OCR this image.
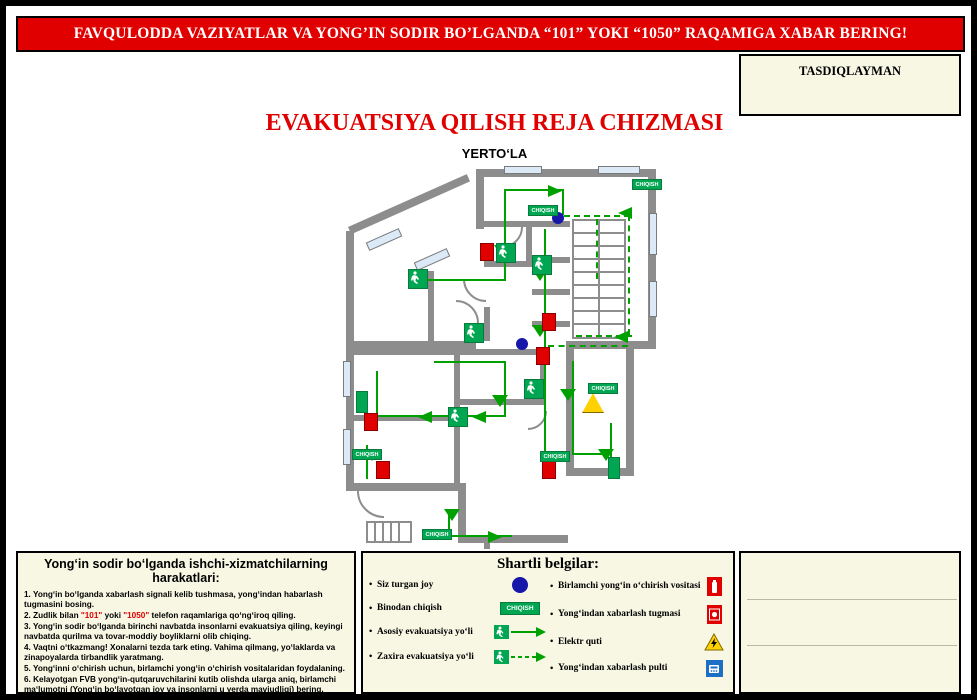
FAVQULODDA VAZIYATLAR VA YONG’IN SODIR BO’LGANDA “101” YOKI “1050” RAQAMIGA XABAR BERING!
TASDIQLAYMAN
EVAKUATSIYA QILISH REJA CHIZMASI
YERTO‘LA
CHIQISH
CHIQISH
CHIQISH
CHIQISH	CHIQISH
CHIQISH
Yong‘in sodir bo‘lganda ishchi-xizmatchilarning harakatlari:
1. Yong‘in bo‘lganda xabarlash signali kelib tushmasa, yong‘indan habarlash tugmasini bosing.
2. Zudlik bilan "101" yoki "1050" telefon raqamlariga qo‘ng‘iroq qiling.
3. Yong‘in sodir bo‘lganda birinchi navbatda insonlarni evakuatsiya qiling, keyingi navbatda qurilma va tovar-moddiy boyliklarni olib chiqing.
4. Vaqtni o‘tkazmang! Xonalarni tezda tark eting. Vahima qilmang, yo‘laklarda va zinapoyalarda tirbandlik yaratmang.
5. Yong‘inni o‘chirish uchun, birlamchi yong‘in o‘chirish vositalaridan foydalaning.
6. Kelayotgan FVB yong‘in-qutqaruvchilarini kutib olishda ularga aniq, birlamchi ma‘lumotni (Yong‘in bo‘layotgan joy va insonlarni u yerda mavjudligi) bering.
Shartli belgilar:
• Siz turgan joy
• Binodan chiqish	CHIQISH
• Asosiy evakuatsiya yo‘li
• Zaxira evakuatsiya yo‘li
• Birlamchi yong‘in o‘chirish vositasi
• Yong‘indan xabarlash tugmasi
• Elektr quti
• Yong‘indan xabarlash pulti
